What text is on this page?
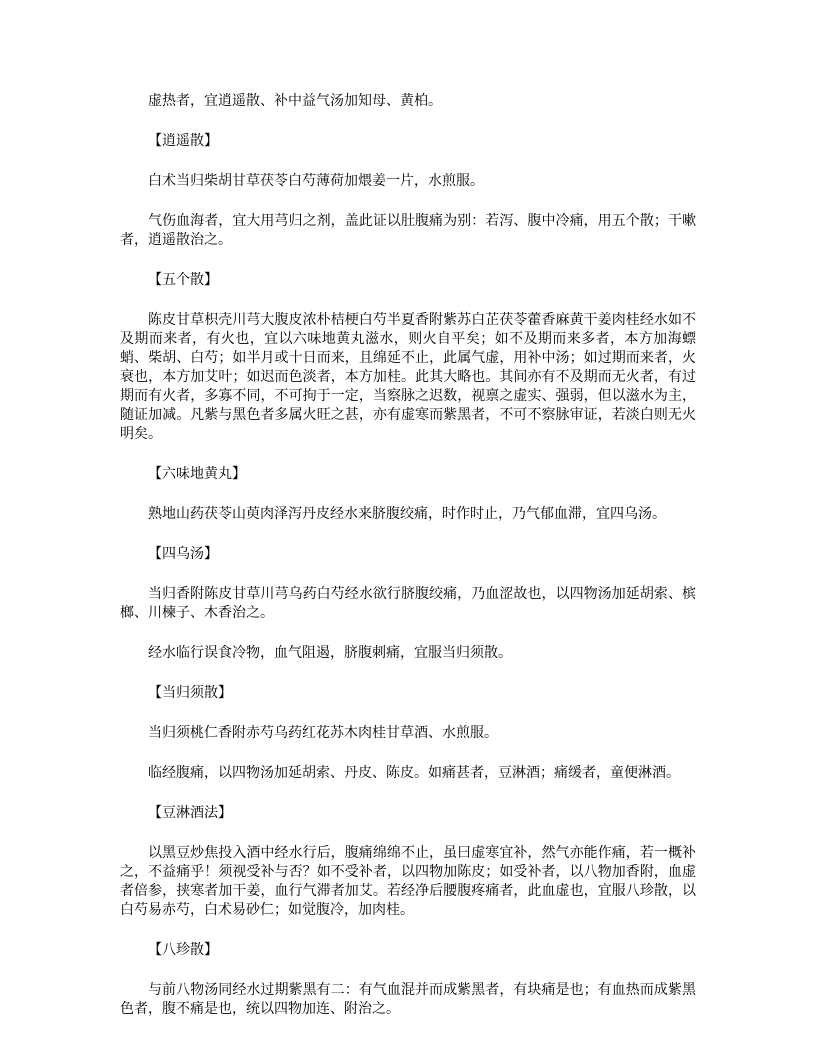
虚热者，宜逍遥散、补中益气汤加知母、黄柏。

【逍遥散】

白术当归柴胡甘草茯苓白芍薄荷加煨姜一片，水煎服。

气伤血海者，宜大用芎归之剂，盖此证以肚腹痛为别：若泻、腹中冷痛，用五个散；干嗽者，逍遥散治之。

【五个散】

陈皮甘草枳壳川芎大腹皮浓朴桔梗白芍半夏香附紫苏白芷茯苓藿香麻黄干姜肉桂经水如不及期而来者，有火也，宜以六味地黄丸滋水，则火自平矣；如不及期而来多者，本方加海螵蛸、柴胡、白芍；如半月或十日而来，且绵延不止，此属气虚，用补中汤；如过期而来者，火衰也，本方加艾叶；如迟而色淡者，本方加桂。此其大略也。其间亦有不及期而无火者，有过期而有火者，多寡不同，不可拘于一定，当察脉之迟数，视禀之虚实、强弱，但以滋水为主，随证加减。凡紫与黑色者多属火旺之甚，亦有虚寒而紫黑者，不可不察脉审证，若淡白则无火明矣。

【六味地黄丸】

熟地山药茯苓山萸肉泽泻丹皮经水来脐腹绞痛，时作时止，乃气郁血滞，宜四乌汤。

【四乌汤】

当归香附陈皮甘草川芎乌药白芍经水欲行脐腹绞痛，乃血涩故也，以四物汤加延胡索、槟榔、川楝子、木香治之。

经水临行误食冷物，血气阻遏，脐腹刺痛，宜服当归须散。

【当归须散】

当归须桃仁香附赤芍乌药红花苏木肉桂甘草酒、水煎服。

临经腹痛，以四物汤加延胡索、丹皮、陈皮。如痛甚者，豆淋酒；痛缓者，童便淋酒。

【豆淋酒法】

以黑豆炒焦投入酒中经水行后，腹痛绵绵不止，虽曰虚寒宜补，然气亦能作痛，若一概补之，不益痛乎！须视受补与否？如不受补者，以四物加陈皮；如受补者，以八物加香附，血虚者倍参，挟寒者加干姜，血行气滞者加艾。若经净后腰腹疼痛者，此血虚也，宜服八珍散，以白芍易赤芍，白术易砂仁；如觉腹冷，加肉桂。

【八珍散】

与前八物汤同经水过期紫黑有二：有气血混并而成紫黑者，有块痛是也；有血热而成紫黑色者，腹不痛是也，统以四物加连、附治之。
